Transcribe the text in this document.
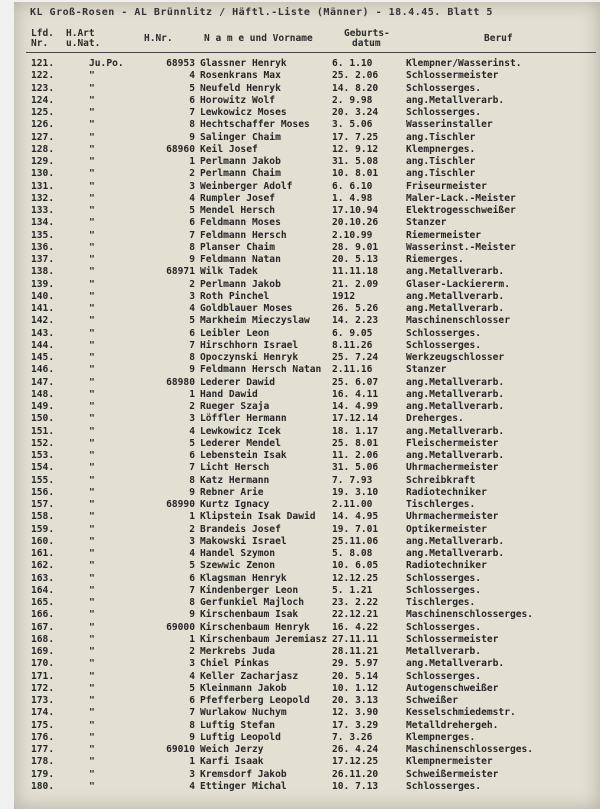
KL Groß-Rosen - AL Brünnlitz / Häftl.-Liste (Männer) - 18.4.45. Blatt 5
Lfd.
Nr.
H.Art
u.Nat.	H.Nr.	N a m e und Vorname	Geburts-
datum	Beruf
121.	Ju.Po.	68953 Glassner Henryk	6. 1.10	Klempner/Wasserinst.
122.	"	4 Rosenkrans Max	25. 2.06	Schlossermeister
123.	"	5 Neufeld Henryk	14. 8.20	Schlosserges.
124.	"	6 Horowitz Wolf	2. 9.98	ang.Metallverarb.
125.	"	7 Lewkowicz Moses	20. 3.24	Schlosserges.
126.	"	8 Hechtschaffer Moses 3. 5.06	Wasserinstaller
127.	"	9 Salinger Chaim	17. 7.25	ang.Tischler
128.	"	68960 Keil Josef	12. 9.12	Klempnerges.
129.	"	1 Perlmann Jakob	31. 5.08	ang.Tischler
130.	"	2 Perlmann Chaim	10. 8.01	ang.Tischler
131.	"	3 Weinberger Adolf	6. 6.10	Friseurmeister
132.	"	4 Rumpler Josef	1. 4.98	Maler-Lack.-Meister
133.	"	5 Mendel Hersch	17.10.94	Elektrogesschweißer
134.	"	6 Feldmann Moses	20.10.26	Stanzer
135.	"	7 Feldmann Hersch	2.10.99	Riemermeister
136.	"	8 Planser Chaim	28. 9.01	Wasserinst.-Meister
137.	"	9 Feldmann Natan	20. 5.13	Riemerges.
138.	"	68971 Wilk Tadek	11.11.18	ang.Metallverarb.
139.	"	2 Perlmann Jakob	21. 2.09	Glaser-Lackiererm.
140.	"	3 Roth Pinchel	1912	ang.Metallverarb.
141.	"	4 Goldblauer Moses	26. 5.26	ang.Metallverarb.
142.	"	5 Markheim Mieczyslaw 14. 2.23	Maschinenschlosser
143.	"	6 Leibler Leon	6. 9.05	Schlosserges.
144.	"	7 Hirschhorn Israel	8.11.26	Schlosserges.
145.	"	8 Opoczynski Henryk	25. 7.24	Werkzeugschlosser
146.	"	9 Feldmann Hersch Natan 2.11.16	Stanzer
147.	"	68980 Lederer Dawid	25. 6.07	ang.Metallverarb.
148.	"	1 Hand Dawid	16. 4.11	ang.Metallverarb.
149.	"	2 Rueger Szaja	14. 4.99	ang.Metallverarb.
150.	"	3 Löffler Hermann	17.12.14	Dreherges.
151.	"	4 Lewkowicz Icek	18. 1.17	ang.Metallverarb.
152.	"	5 Lederer Mendel	25. 8.01	Fleischermeister
153.	"	6 Lebenstein Isak	11. 2.06	ang.Metallverarb.
154.	"	7 Licht Hersch	31. 5.06	Uhrmachermeister
155.	"	8 Katz Hermann	7. 7.93	Schreibkraft
156.	"	9 Rebner Arie	19. 3.10	Radiotechniker
157.	"	68990 Kurtz Ignacy	2.11.00	Tischlerges.
158.	"	1 Klipstein Isak Dawid 14. 4.95	Uhrmachermeister
159.	"	2 Brandeis Josef	19. 7.01	Optikermeister
160.	"	3 Makowski Israel	25.11.06	ang.Metallverarb.
161.	"	4 Handel Szymon	5. 8.08	ang.Metallverarb.
162.	"	5 Szewwic Zenon	10. 6.05	Radiotechniker
163.	"	6 Klagsman Henryk	12.12.25	Schlosserges.
164.	"	7 Kindenberger Leon	5. 1.21	Schlosserges.
165.	"	8 Gerfunkiel Majloch	23. 2.22	Tischlerges.
166.	"	9 Kirschenbaum Isak	22.12.21	Maschinenschlosserges.
167.	"	69000 Kirschenbaum Henryk 16. 4.22	Schlosserges.
168.	"	1 Kirschenbaum Jeremiasz 27.11.11	Schlossermeister
169.	"	2 Merkrebs Juda	28.11.21	Metallverarb.
170.	"	3 Chiel Pinkas	29. 5.97	ang.Metallverarb.
171.	"	4 Keller Zacharjasz	20. 5.14	Schlosserges.
172.	"	5 Kleinmann Jakob	10. 1.12	Autogenschweißer
173.	"	6 Pfefferberg Leopold 20. 3.13	Schweißer
174.	"	7 Wurlakow Nuchym	12. 3.90	Kesselschmiedemstr.
175.	"	8 Luftig Stefan	17. 3.29	Metalldrehergeh.
176.	"	9 Luftig Leopold	7. 3.26	Klempnerges.
177.	"	69010 Weich Jerzy	26. 4.24	Maschinenschlosserges.
178.	"	1 Karfi Isaak	17.12.25	Klempnermeister
179.	"	3 Kremsdorf Jakob	26.11.20	Schweißermeister
180.	"	4 Ettinger Michal	10. 7.13	Schlosserges.
